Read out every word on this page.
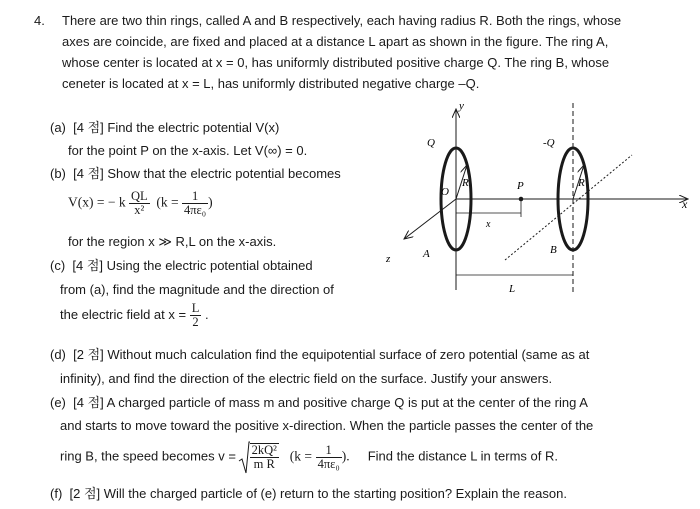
4. There are two thin rings, called A and B respectively, each having radius R. Both the rings, whose
axes are coincide, are fixed and placed at a distance L apart as shown in the figure. The ring A,
whose center is located at x = 0, has uniformly distributed positive charge Q. The ring B, whose
ceneter is located at x = L, has uniformly distributed negative charge –Q.
(a) [4 점] Find the electric potential V(x)
for the point P on the x-axis. Let V(∞) = 0.
(b) [4 점] Show that the electric potential becomes
V(x) = − k $\frac{QL}{\text{x²}} (k = \frac{1}{\text{4πε₀}}$ )
for the region x ≫ R,L on the x-axis.
(c) [4 점] Using the electric potential obtained
from (a), find the magnitude and the direction of
the electric field at $x = \frac{L}{2}$ .
(d) [2 점] Without much calculation find the equipotential surface of zero potential (same as at
infinity), and find the direction of the electric field on the surface. Justify your answers.
(e) [4 점] A charged particle of mass m and positive charge Q is put at the center of the ring A
and starts to move toward the positive x-direction. When the particle passes the center of the
ring B, the speed becomes $v = \frac{\text{2kQ²}}{\text{m R}} (k = \frac{1}{\text{4πε₀}}$ ). Find the distance L in terms of R.
(f) [2 점] Will the charged particle of (e) return to the starting position? Explain the reason.
y
x
z
Q
O
R
A
-Q
R
B
P
x
L
